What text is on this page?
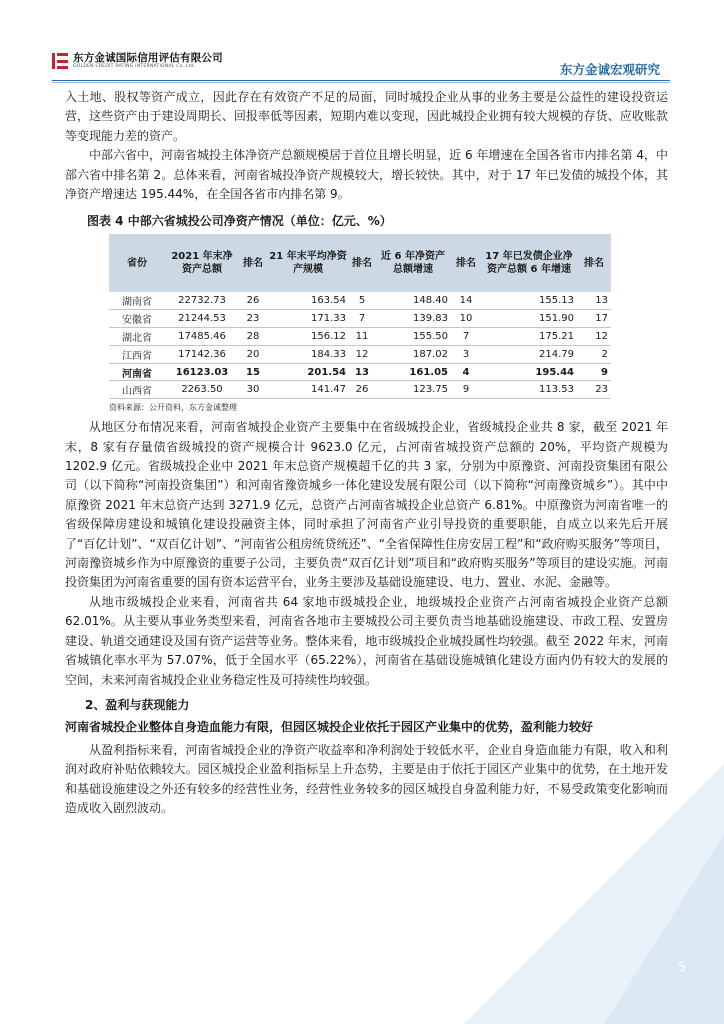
东方金诚国际信用评估有限公司
GOLDEN CREDIT RATING INTERNATIONAL Co.,Ltd.	东方金诚宏观研究

入土地、股权等资产成立，因此存在有效资产不足的局面，同时城投企业从事的业务主要是公益性的建设投资运营，这些资产由于建设周期长、回报率低等因素，短期内难以变现，因此城投企业拥有较大规模的存货、应收账款等变现能力差的资产。

中部六省中，河南省城投主体净资产总额规模居于首位且增长明显，近 6 年增速在全国各省市内排名第 4，中部六省中排名第 2。总体来看，河南省城投净资产规模较大，增长较快。其中，对于 17 年已发债的城投个体，其净资产增速达 195.44%，在全国各省市内排名第 9。

图表 4 中部六省城投公司净资产情况（单位：亿元、%）
省份	2021 年末净资产总额	排名	21 年末平均净资产规模	排名	近 6 年净资产总额增速	排名	17 年已发债企业净资产总额 6 年增速	排名
湖南省	22732.73	26	163.54	5	148.40	14	155.13	13
安徽省	21244.53	23	171.33	7	139.83	10	151.90	17
湖北省	17485.46	28	156.12	11	155.50	7	175.21	12
江西省	17142.36	20	184.33	12	187.02	3	214.79	2
河南省	16123.03	15	201.54	13	161.05	4	195.44	9
山西省	2263.50	30	141.47	26	123.75	9	113.53	23
资料来源：公开资料，东方金诚整理

从地区分布情况来看，河南省城投企业资产主要集中在省级城投企业，省级城投企业共 8 家，截至 2021 年末，8 家有存量债省级城投的资产规模合计 9623.0 亿元，占河南省城投资产总额的 20%，平均资产规模为 1202.9 亿元。省级城投企业中 2021 年末总资产规模超千亿的共 3 家，分别为中原豫资、河南投资集团有限公司（以下简称“河南投资集团”）和河南省豫资城乡一体化建设发展有限公司（以下简称“河南豫资城乡”）。其中中原豫资 2021 年末总资产达到 3271.9 亿元，总资产占河南省城投企业总资产 6.81%。中原豫资为河南省唯一的省级保障房建设和城镇化建设投融资主体，同时承担了河南省产业引导投资的重要职能，自成立以来先后开展了“百亿计划”、“双百亿计划”、“河南省公租房统贷统还”、“全省保障性住房安居工程”和“政府购买服务”等项目，河南豫资城乡作为中原豫资的重要子公司，主要负责“双百亿计划”项目和“政府购买服务”等项目的建设实施。河南投资集团为河南省重要的国有资本运营平台，业务主要涉及基础设施建设、电力、置业、水泥、金融等。

从地市级城投企业来看，河南省共 64 家地市级城投企业，地级城投企业资产占河南省城投企业资产总额 62.01%。从主要从事业务类型来看，河南省各地市主要城投公司主要负责当地基础设施建设、市政工程、安置房建设、轨道交通建设及国有资产运营等业务。整体来看，地市级城投企业城投属性均较强。截至 2022 年末，河南省城镇化率水平为 57.07%，低于全国水平（65.22%），河南省在基础设施城镇化建设方面内仍有较大的发展的空间，未来河南省城投企业业务稳定性及可持续性均较强。

2、盈利与获现能力
河南省城投企业整体自身造血能力有限，但园区城投企业依托于园区产业集中的优势，盈利能力较好

从盈利指标来看，河南省城投企业的净资产收益率和净利润处于较低水平，企业自身造血能力有限，收入和利润对政府补贴依赖较大。园区城投企业盈利指标呈上升态势，主要是由于依托于园区产业集中的优势，在土地开发和基础设施建设之外还有较多的经营性业务，经营性业务较多的园区城投自身盈利能力好，不易受政策变化影响而造成收入剧烈波动。

5
